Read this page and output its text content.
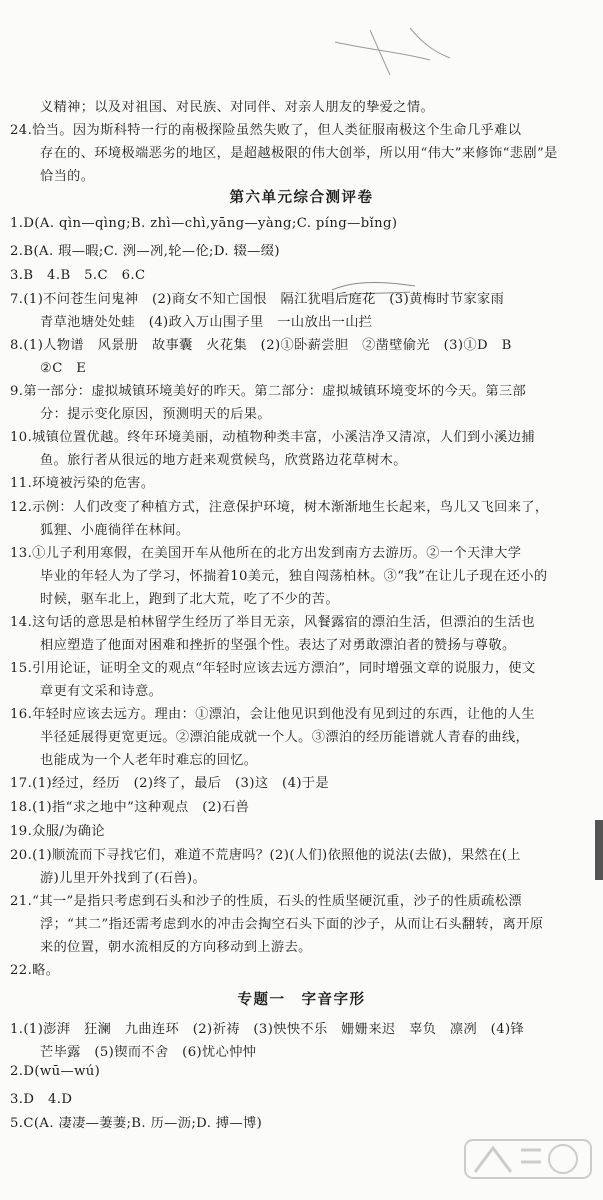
义精神；以及对祖国、对民族、对同伴、对亲人朋友的挚爱之情。
24.恰当。因为斯科特一行的南极探险虽然失败了，但人类征服南极这个生命几乎难以
存在的、环境极端恶劣的地区，是超越极限的伟大创举，所以用“伟大”来修饰“悲剧”是
恰当的。
第六单元综合测评卷
1.D(A. qìn—qìng;B. zhì—chì,yāng—yàng;C. píng—bǐng)
2.B(A. 瑕—暇;C. 洌—冽,轮—伦;D. 辍—缀)
3.B　4.B　5.C　6.C
7.(1)不问苍生问鬼神　(2)商女不知亡国恨　隔江犹唱后庭花　(3)黄梅时节家家雨
青草池塘处处蛙　(4)政入万山围子里　一山放出一山拦
8.(1)人物谱　风景册　故事囊　火花集　(2)①卧薪尝胆　②凿壁偷光　(3)①D　B
②C　E
9.第一部分：虚拟城镇环境美好的昨天。第二部分：虚拟城镇环境变坏的今天。第三部
分：提示变化原因，预测明天的后果。
10.城镇位置优越。终年环境美丽，动植物种类丰富，小溪洁净又清凉，人们到小溪边捕
鱼。旅行者从很远的地方赶来观赏候鸟，欣赏路边花草树木。
11.环境被污染的危害。
12.示例：人们改变了种植方式，注意保护环境，树木渐渐地生长起来，鸟儿又飞回来了，
狐狸、小鹿徜徉在林间。
13.①儿子利用寒假，在美国开车从他所在的北方出发到南方去游历。②一个天津大学
毕业的年轻人为了学习，怀揣着10美元，独自闯荡柏林。③“我”在让儿子现在还小的
时候，驱车北上，跑到了北大荒，吃了不少的苦。
14.这句话的意思是柏林留学生经历了举目无亲，风餐露宿的漂泊生活，但漂泊的生活也
相应塑造了他面对困难和挫折的坚强个性。表达了对勇敢漂泊者的赞扬与尊敬。
15.引用论证，证明全文的观点“年轻时应该去远方漂泊”，同时增强文章的说服力，使文
章更有文采和诗意。
16.年轻时应该去远方。理由：①漂泊，会让他见识到他没有见到过的东西，让他的人生
半径延展得更宽更远。②漂泊能成就一个人。③漂泊的经历能谱就人青春的曲线，
也能成为一个人老年时难忘的回忆。
17.(1)经过，经历　(2)终了，最后　(3)这　(4)于是
18.(1)指“求之地中”这种观点　(2)石兽
19.众服/为确论
20.(1)顺流而下寻找它们，难道不荒唐吗？(2)(人们)依照他的说法(去做)，果然在(上
游)儿里开外找到了(石兽)。
21.“其一”是指只考虑到石头和沙子的性质，石头的性质坚硬沉重，沙子的性质疏松漂
浮；“其二”指还需考虑到水的冲击会掏空石头下面的沙子，从而让石头翻转，离开原
来的位置，朝水流相反的方向移动到上游去。
22.略。
专题一　字音字形
1.(1)澎湃　狂澜　九曲连环　(2)祈祷　(3)怏怏不乐　姗姗来迟　辜负　凛冽　(4)锋
芒毕露　(5)锲而不舍　(6)忧心忡忡
2.D(wū—wú)
3.D　4.D
5.C(A. 凄凄—萋萋;B. 历—沥;D. 搏—博)
